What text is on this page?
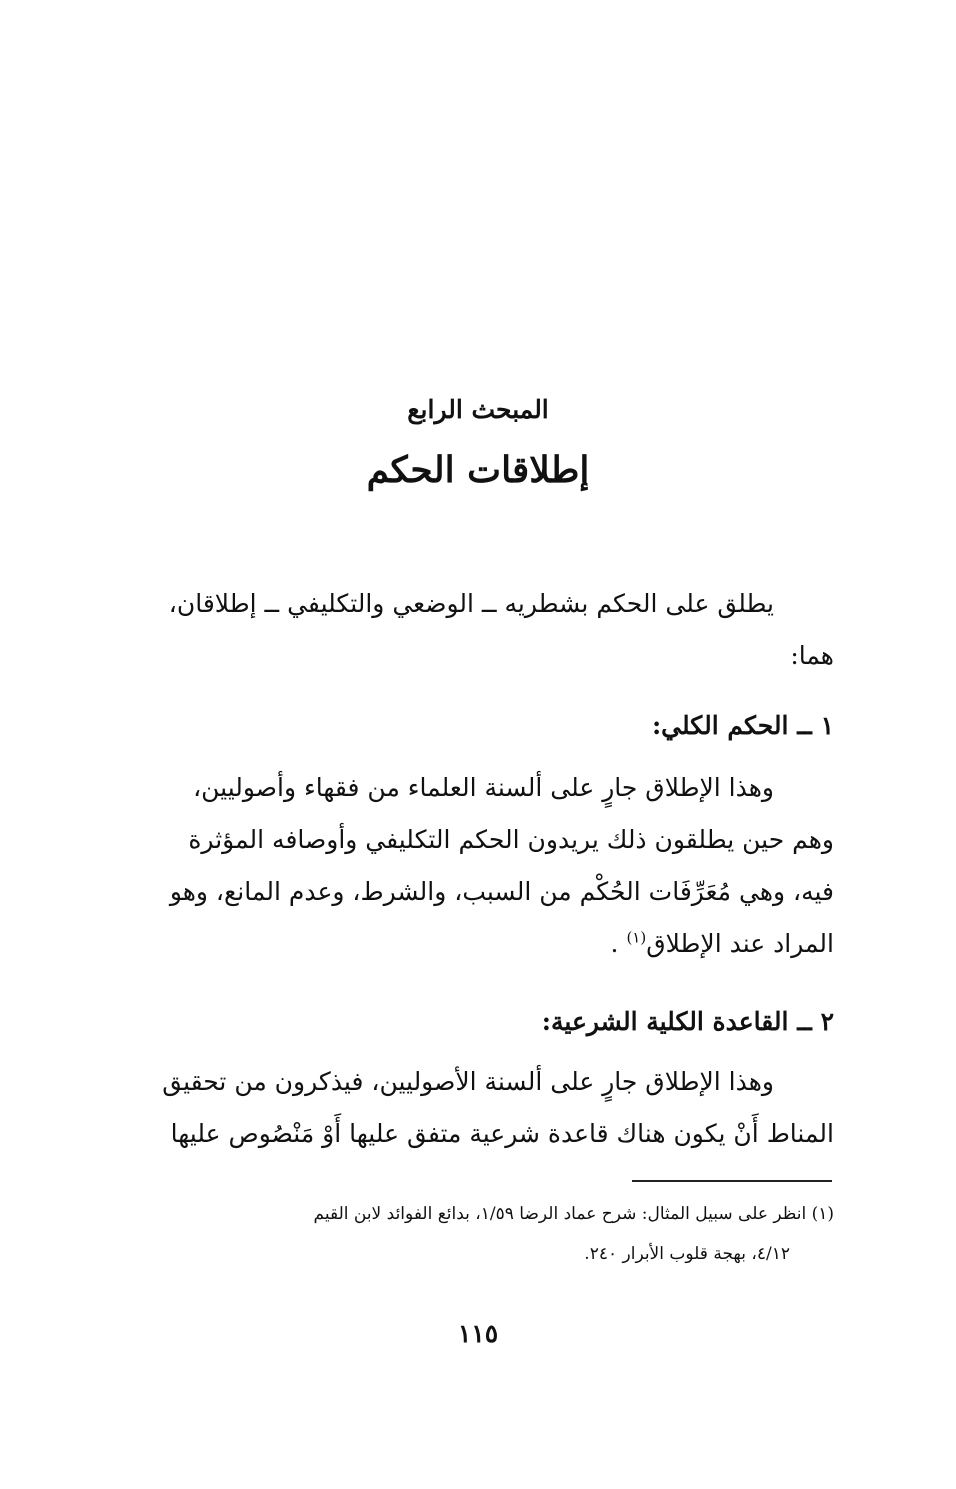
المبحث الرابع
إطلاقات الحكم
يطلق على الحكم بشطريه ــ الوضعي والتكليفي ــ إطلاقان،
هما:
١ ــ الحكم الكلي:
وهذا الإطلاق جارٍ على ألسنة العلماء من فقهاء وأصوليين،
وهم حين يطلقون ذلك يريدون الحكم التكليفي وأوصافه المؤثرة
فيه، وهي مُعَرِّفَات الحُكْم من السبب، والشرط، وعدم المانع، وهو
المراد عند الإطلاق$^{(١)}$ .
٢ ــ القاعدة الكلية الشرعية:
وهذا الإطلاق جارٍ على ألسنة الأصوليين، فيذكرون من تحقيق
المناط أَنْ يكون هناك قاعدة شرعية متفق عليها أَوْ مَنْصُوص عليها
(١) انظر على سبيل المثال: شرح عماد الرضا ١/٥٩، بدائع الفوائد لابن القيم
٤/١٢، بهجة قلوب الأبرار ٢٤٠.
١١٥
